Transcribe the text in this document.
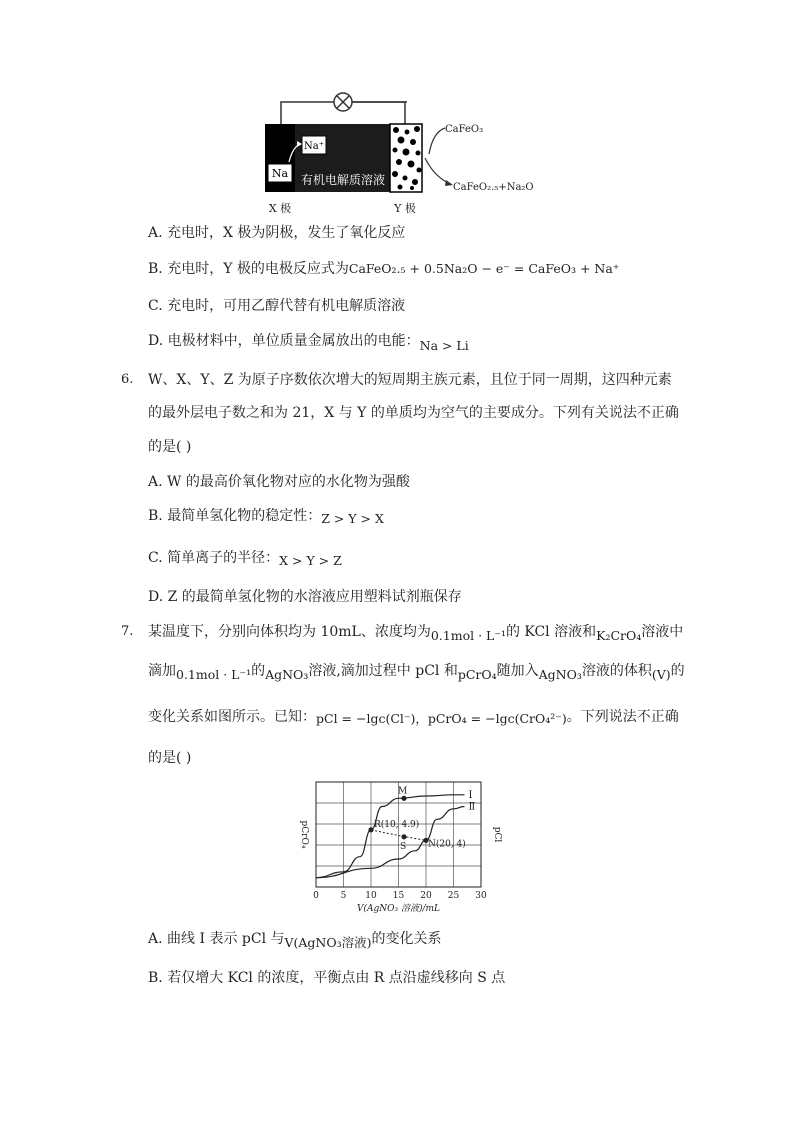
Na
Na⁺
有机电解质溶液
CaFeO₃
CaFeO₂.₅+Na₂O
X 极	Y 极
A. 充电时，X 极为阴极，发生了氧化反应
B. 充电时，Y 极的电极反应式为CaFeO₂.₅ + 0.5Na₂O − e⁻ = CaFeO₃ + Na⁺
C. 充电时，可用乙醇代替有机电解质溶液
D. 电极材料中，单位质量金属放出的电能：Na > Li
6. W、X、Y、Z 为原子序数依次增大的短周期主族元素，且位于同一周期，这四种元素
的最外层电子数之和为 21，X 与 Y 的单质均为空气的主要成分。下列有关说法不正确
的是( )
A. W 的最高价氧化物对应的水化物为强酸
B. 最简单氢化物的稳定性：Z > Y > X
C. 简单离子的半径：X > Y > Z
D. Z 的最简单氢化物的水溶液应用塑料试剂瓶保存
7. 某温度下，分别向体积均为 10mL、浓度均为0.1mol · L⁻¹的 KCl 溶液和K₂CrO₄溶液中
滴加0.1mol · L⁻¹的AgNO₃溶液,滴加过程中 pCl 和pCrO₄随加入AgNO₃溶液的体积(V)的
变化关系如图所示。已知：pCl = −lgc(Cl⁻)，pCrO₄ = −lgc(CrO₄²⁻)。下列说法不正确
的是( )
0 5 10 15 20 25 30
I
Ⅱ
M
R(10, 4.9)
S N(20, 4)
V(AgNO₃ 溶液)/mL
pCrO₄	pCl
A. 曲线 I 表示 pCl 与V(AgNO₃溶液)的变化关系
B. 若仅增大 KCl 的浓度，平衡点由 R 点沿虚线移向 S 点
